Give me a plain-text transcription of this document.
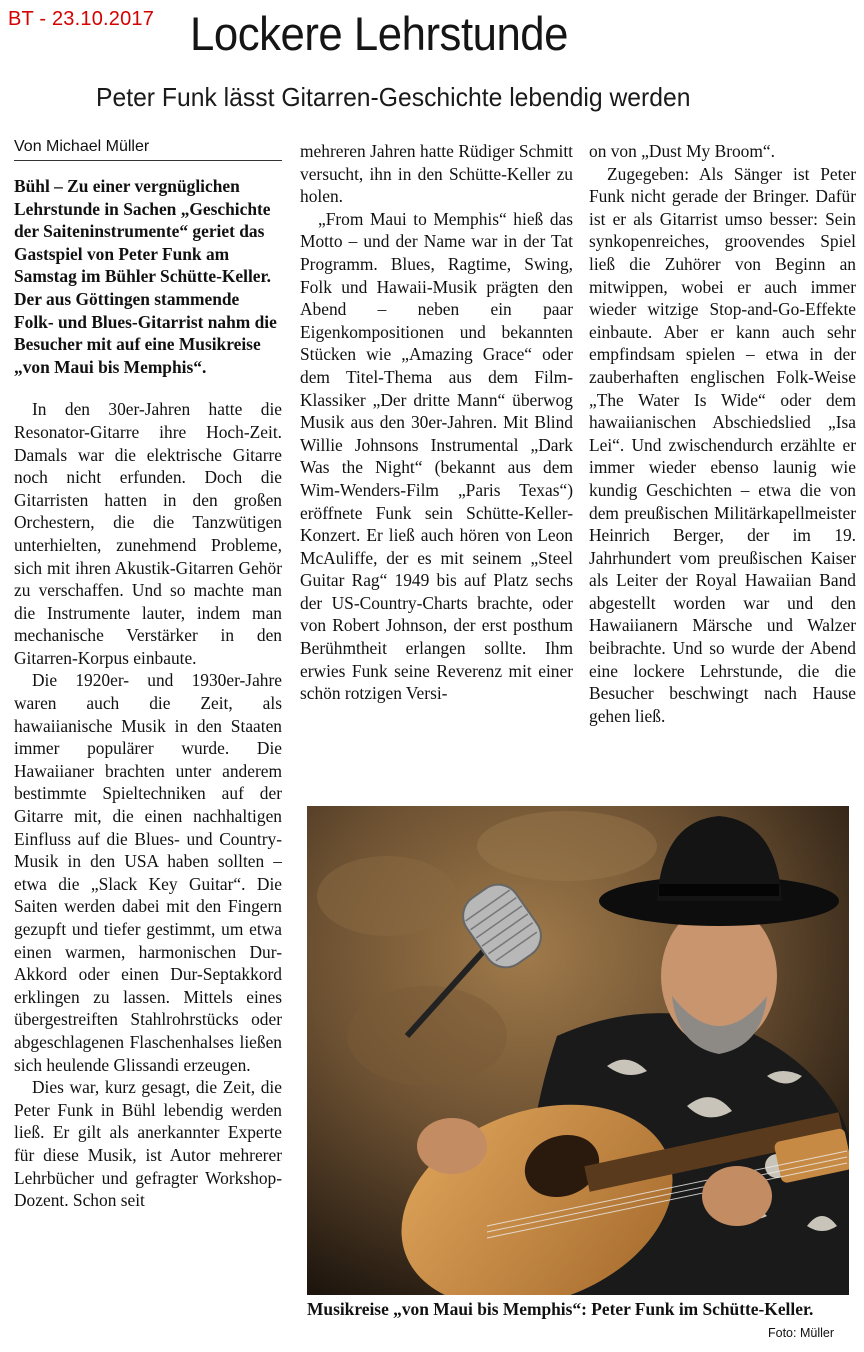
BT - 23.10.2017 Lockere Lehrstunde
Peter Funk lässt Gitarren-Geschichte lebendig werden
Von Michael Müller

Bühl – Zu einer vergnüglichen Lehrstunde in Sachen „Geschichte der Saiteninstrumente“ geriet das Gastspiel von Peter Funk am Samstag im Bühler Schütte-Keller. Der aus Göttingen stammende Folk- und Blues-Gitarrist nahm die Besucher mit auf eine Musikreise „von Maui bis Memphis“.

In den 30er-Jahren hatte die Resonator-Gitarre ihre Hoch-Zeit. Damals war die elektrische Gitarre noch nicht erfunden. Doch die Gitarristen hatten in den großen Orchestern, die die Tanzwütigen unterhielten, zunehmend Probleme, sich mit ihren Akustik-Gitarren Gehör zu verschaffen. Und so machte man die Instrumente lauter, indem man mechanische Verstärker in den Gitarren-Korpus einbaute.

Die 1920er- und 1930er-Jahre waren auch die Zeit, als hawaiianische Musik in den Staaten immer populärer wurde. Die Hawaiianer brachten unter anderem bestimmte Spieltechniken auf der Gitarre mit, die einen nachhaltigen Einfluss auf die Blues- und Country-Musik in den USA haben sollten – etwa die „Slack Key Guitar“. Die Saiten werden dabei mit den Fingern gezupft und tiefer gestimmt, um etwa einen warmen, harmonischen Dur-Akkord oder einen Dur-Septakkord erklingen zu lassen. Mittels eines übergestreiften Stahlrohrstücks oder abgeschlagenen Flaschenhalses ließen sich heulende Glissandi erzeugen.

Dies war, kurz gesagt, die Zeit, die Peter Funk in Bühl lebendig werden ließ. Er gilt als anerkannter Experte für diese Musik, ist Autor mehrerer Lehrbücher und gefragter Workshop-Dozent. Schon seit

mehreren Jahren hatte Rüdiger Schmitt versucht, ihn in den Schütte-Keller zu holen.

„From Maui to Memphis“ hieß das Motto – und der Name war in der Tat Programm. Blues, Ragtime, Swing, Folk und Hawaii-Musik prägten den Abend – neben ein paar Eigenkompositionen und bekannten Stücken wie „Amazing Grace“ oder dem Titel-Thema aus dem Film-Klassiker „Der dritte Mann“ überwog Musik aus den 30er-Jahren. Mit Blind Willie Johnsons Instrumental „Dark Was the Night“ (bekannt aus dem Wim-Wenders-Film „Paris Texas“) eröffnete Funk sein Schütte-Keller-Konzert. Er ließ auch hören von Leon McAuliffe, der es mit seinem „Steel Guitar Rag“ 1949 bis auf Platz sechs der US-Country-Charts brachte, oder von Robert Johnson, der erst posthum Berühmtheit erlangen sollte. Ihm erwies Funk seine Reverenz mit einer schön rotzigen Versi-

on von „Dust My Broom“.

Zugegeben: Als Sänger ist Peter Funk nicht gerade der Bringer. Dafür ist er als Gitarrist umso besser: Sein synkopenreiches, groovendes Spiel ließ die Zuhörer von Beginn an mitwippen, wobei er auch immer wieder witzige Stop-and-Go-Effekte einbaute. Aber er kann auch sehr empfindsam spielen – etwa in der zauberhaften englischen Folk-Weise „The Water Is Wide“ oder dem hawaiianischen Abschiedslied „Isa Lei“. Und zwischendurch erzählte er immer wieder ebenso launig wie kundig Geschichten – etwa die von dem preußischen Militärkapellmeister Heinrich Berger, der im 19. Jahrhundert vom preußischen Kaiser als Leiter der Royal Hawaiian Band abgestellt worden war und den Hawaiianern Märsche und Walzer beibrachte. Und so wurde der Abend eine lockere Lehrstunde, die die Besucher beschwingt nach Hause gehen ließ.

Musikreise „von Maui bis Memphis“: Peter Funk im Schütte-Keller.
Foto: Müller
